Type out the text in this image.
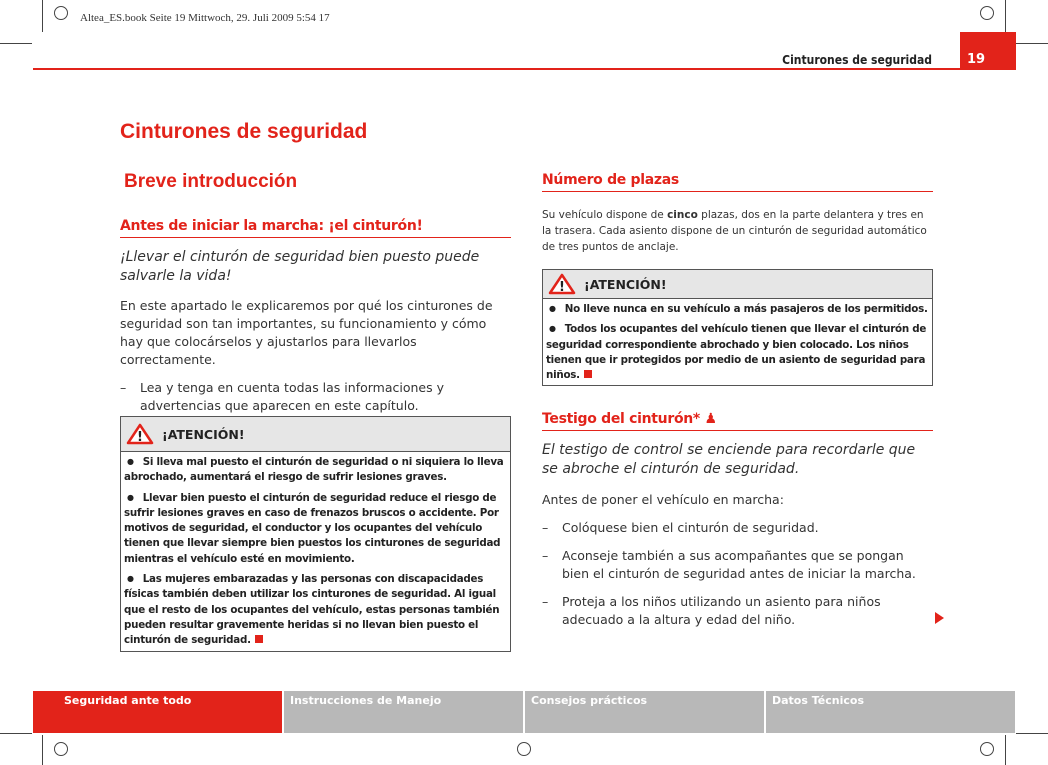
Altea_ES.book Seite 19 Mittwoch, 29. Juli 2009 5:54 17
Cinturones de seguridad	19
Cinturones de seguridad
Breve introducción
Antes de iniciar la marcha: ¡el cinturón!
¡Llevar el cinturón de seguridad bien puesto puede salvarle la vida!
En este apartado le explicaremos por qué los cinturones de seguridad son tan importantes, su funcionamiento y cómo hay que colocárselos y ajustarlos para llevarlos correctamente.
–	Lea y tenga en cuenta todas las informaciones y advertencias que aparecen en este capítulo.
! ¡ATENCIÓN!

● Si lleva mal puesto el cinturón de seguridad o ni siquiera lo lleva abrochado, aumentará el riesgo de sufrir lesiones graves.

● Llevar bien puesto el cinturón de seguridad reduce el riesgo de sufrir lesiones graves en caso de frenazos bruscos o accidente. Por motivos de seguridad, el conductor y los ocupantes del vehículo tienen que llevar siempre bien puestos los cinturones de seguridad mientras el vehículo esté en movimiento.

● Las mujeres embarazadas y las personas con discapacidades físicas también deben utilizar los cinturones de seguridad. Al igual que el resto de los ocupantes del vehículo, estas personas también pueden resultar gravemente heridas si no llevan bien puesto el cinturón de seguridad.

Número de plazas
Su vehículo dispone de cinco plazas, dos en la parte delantera y tres en la trasera. Cada asiento dispone de un cinturón de seguridad automático de tres puntos de anclaje.
! ¡ATENCIÓN!

● No lleve nunca en su vehículo a más pasajeros de los permitidos.

● Todos los ocupantes del vehículo tienen que llevar el cinturón de seguridad correspondiente abrochado y bien colocado. Los niños tienen que ir protegidos por medio de un asiento de seguridad para niños.

Testigo del cinturón* ♟
El testigo de control se enciende para recordarle que se abroche el cinturón de seguridad.
Antes de poner el vehículo en marcha:
–	Colóquese bien el cinturón de seguridad.
–	Aconseje también a sus acompañantes que se pongan bien el cinturón de seguridad antes de iniciar la marcha.
–	Proteja a los niños utilizando un asiento para niños adecuado a la altura y edad del niño.
Seguridad ante todo	Instrucciones de Manejo	Consejos prácticos	Datos Técnicos
